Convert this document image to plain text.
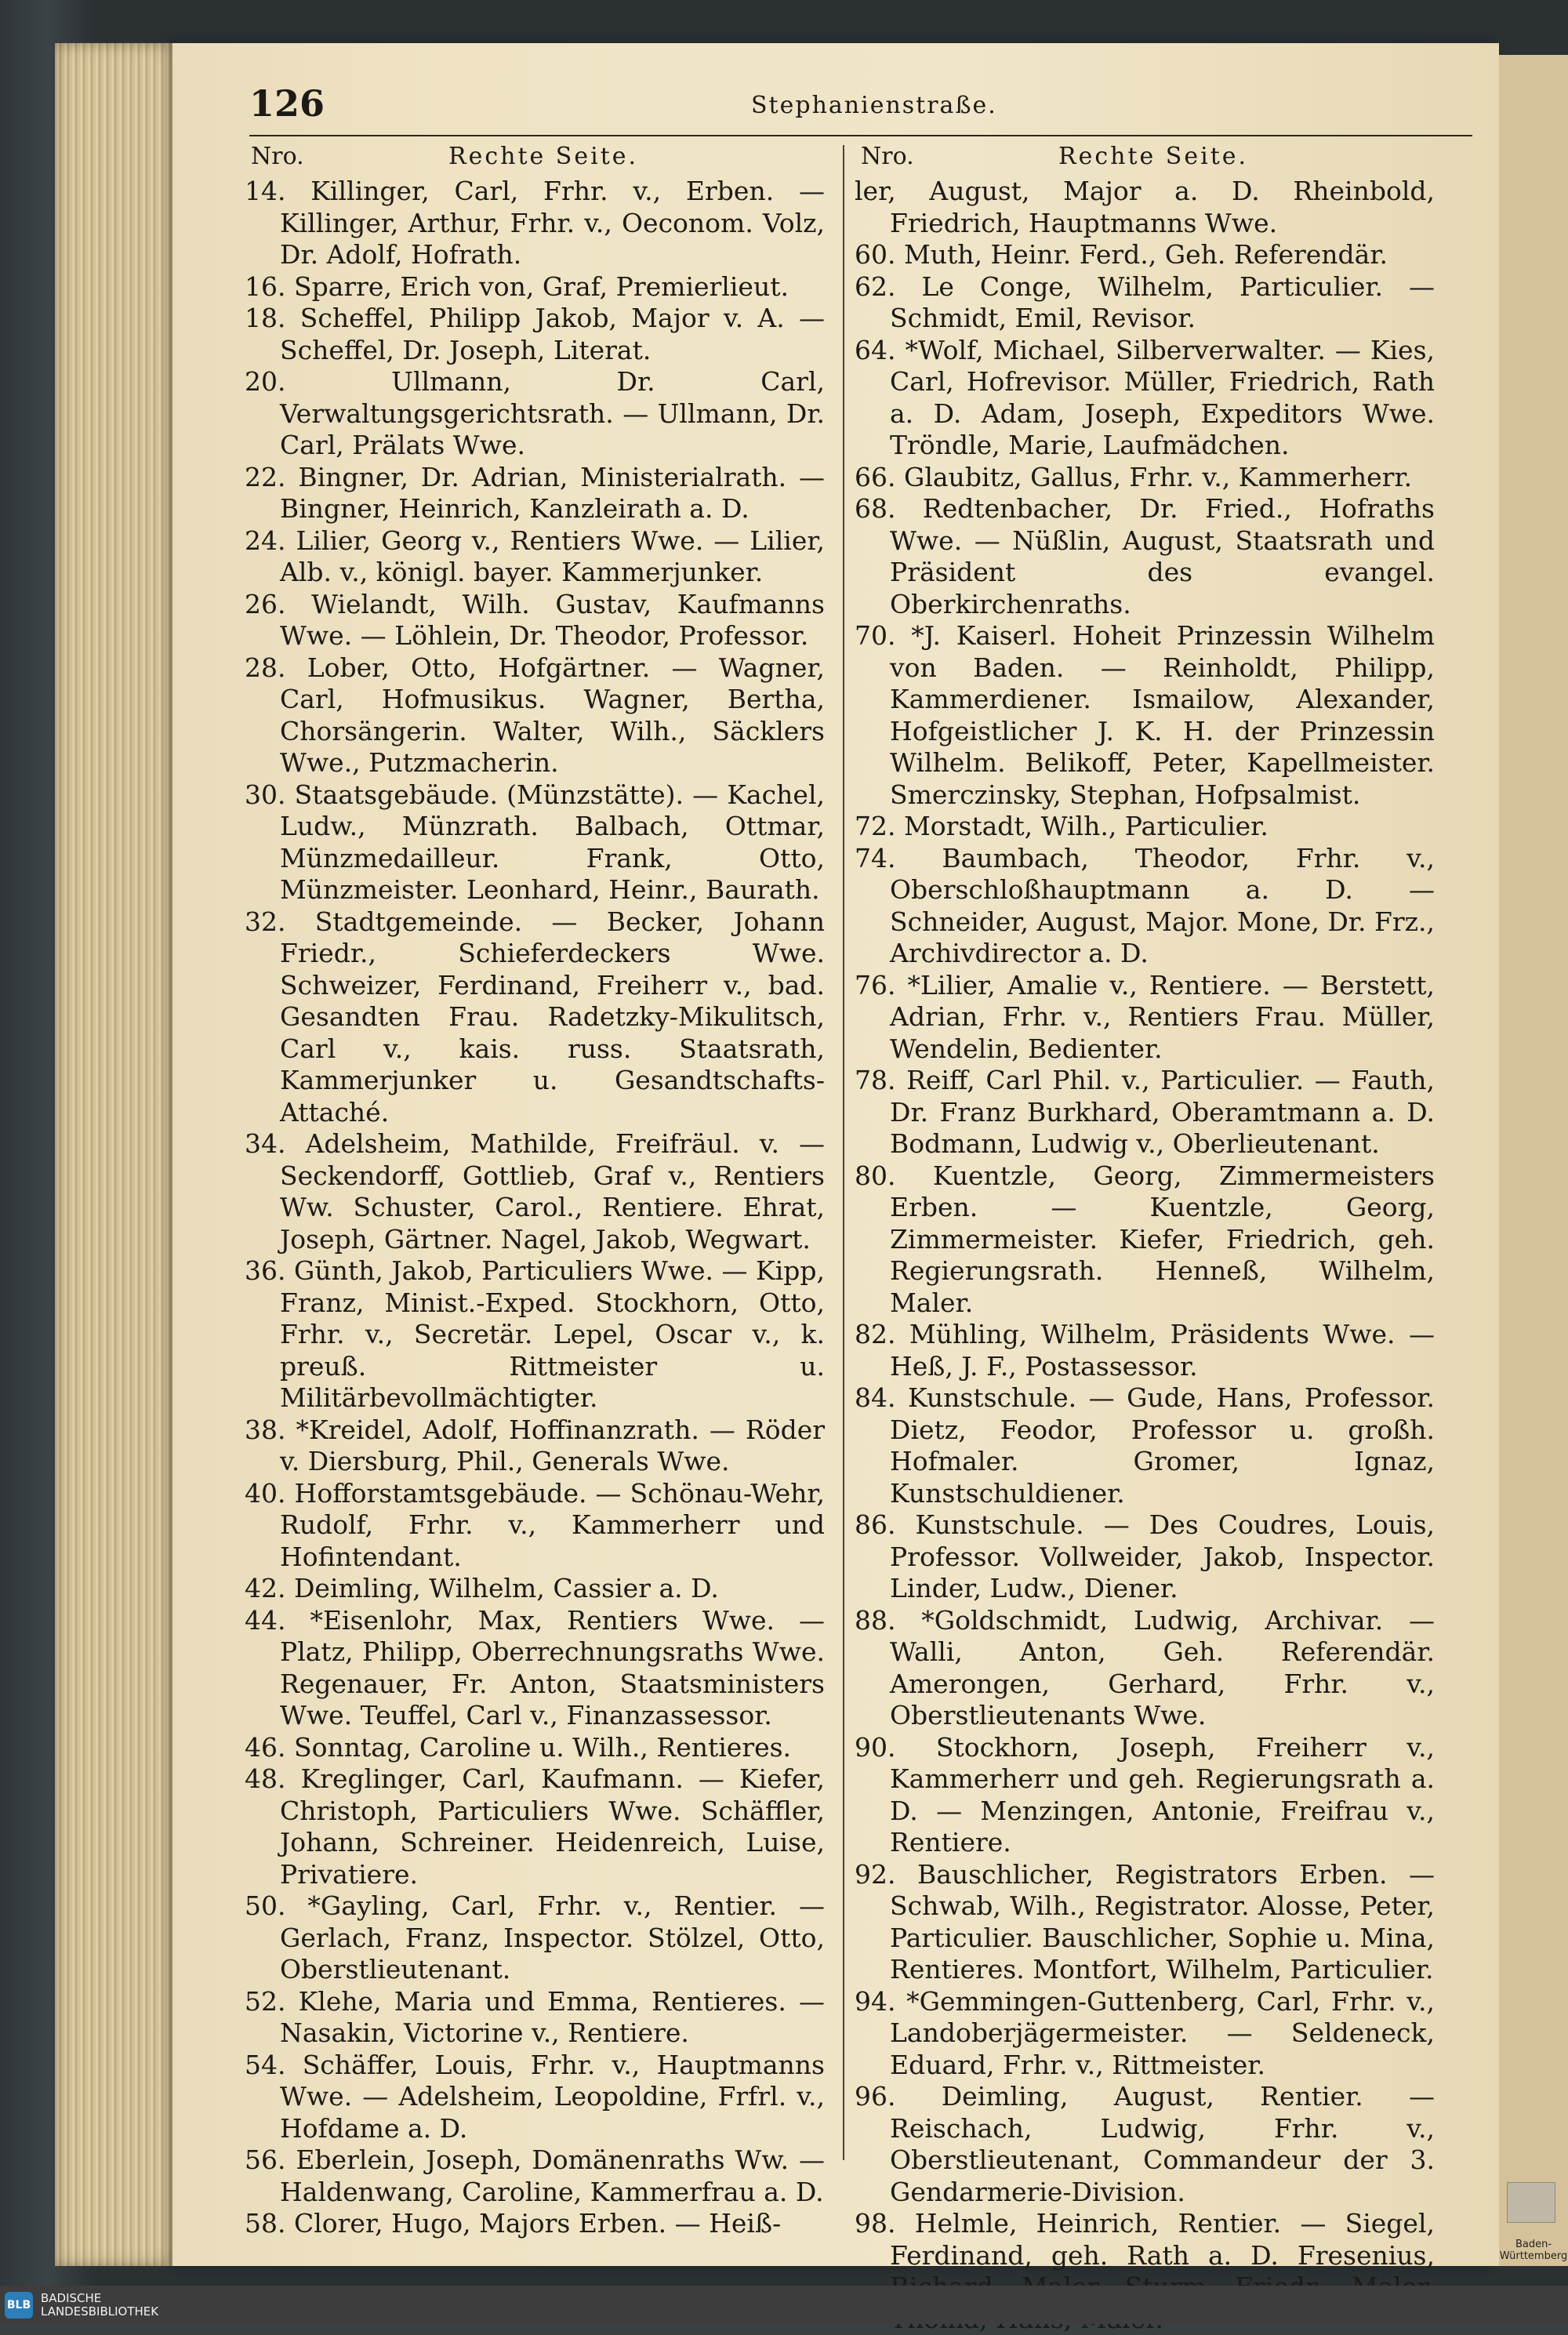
Baden-Württemberg
126	Stephanienstraße.
Nro.	Rechte Seite.
14. Killinger, Carl, Frhr. v., Erben. — Killinger, Arthur, Frhr. v., Oeconom. Volz, Dr. Adolf, Hofrath.
16. Sparre, Erich von, Graf, Premierlieut.
18. Scheffel, Philipp Jakob, Major v. A. — Scheffel, Dr. Joseph, Literat.
20. Ullmann, Dr. Carl, Verwaltungsgerichtsrath. — Ullmann, Dr. Carl, Prälats Wwe.
22. Bingner, Dr. Adrian, Ministerialrath. — Bingner, Heinrich, Kanzleirath a. D.
24. Lilier, Georg v., Rentiers Wwe. — Lilier, Alb. v., königl. bayer. Kammerjunker.
26. Wielandt, Wilh. Gustav, Kaufmanns Wwe. — Löhlein, Dr. Theodor, Professor.
28. Lober, Otto, Hofgärtner. — Wagner, Carl, Hofmusikus. Wagner, Bertha, Chorsängerin. Walter, Wilh., Säcklers Wwe., Putzmacherin.
30. Staatsgebäude. (Münzstätte). — Kachel, Ludw., Münzrath. Balbach, Ottmar, Münzmedailleur. Frank, Otto, Münzmeister. Leonhard, Heinr., Baurath.
32. Stadtgemeinde. — Becker, Johann Friedr., Schieferdeckers Wwe. Schweizer, Ferdinand, Freiherr v., bad. Gesandten Frau. Radetzky-Mikulitsch, Carl v., kais. russ. Staatsrath, Kammerjunker u. Gesandtschafts-Attaché.
34. Adelsheim, Mathilde, Freifräul. v. — Seckendorff, Gottlieb, Graf v., Rentiers Ww. Schuster, Carol., Rentiere. Ehrat, Joseph, Gärtner. Nagel, Jakob, Wegwart.
36. Günth, Jakob, Particuliers Wwe. — Kipp, Franz, Minist.-Exped. Stockhorn, Otto, Frhr. v., Secretär. Lepel, Oscar v., k. preuß. Rittmeister u. Militärbevollmächtigter.
38. *Kreidel, Adolf, Hoffinanzrath. — Röder v. Diersburg, Phil., Generals Wwe.
40. Hofforstamtsgebäude. — Schönau-Wehr, Rudolf, Frhr. v., Kammerherr und Hofintendant.
42. Deimling, Wilhelm, Cassier a. D.
44. *Eisenlohr, Max, Rentiers Wwe. — Platz, Philipp, Oberrechnungsraths Wwe. Regenauer, Fr. Anton, Staatsministers Wwe. Teuffel, Carl v., Finanzassessor.
46. Sonntag, Caroline u. Wilh., Rentieres.
48. Kreglinger, Carl, Kaufmann. — Kiefer, Christoph, Particuliers Wwe. Schäffler, Johann, Schreiner. Heidenreich, Luise, Privatiere.
50. *Gayling, Carl, Frhr. v., Rentier. — Gerlach, Franz, Inspector. Stölzel, Otto, Oberstlieutenant.
52. Klehe, Maria und Emma, Rentieres. — Nasakin, Victorine v., Rentiere.
54. Schäffer, Louis, Frhr. v., Hauptmanns Wwe. — Adelsheim, Leopoldine, Frfrl. v., Hofdame a. D.
56. Eberlein, Joseph, Domänenraths Ww. — Haldenwang, Caroline, Kammerfrau a. D.
58. Clorer, Hugo, Majors Erben. — Heiß-
Nro.	Rechte Seite.
ler, August, Major a. D. Rheinbold, Friedrich, Hauptmanns Wwe.
60. Muth, Heinr. Ferd., Geh. Referendär.
62. Le Conge, Wilhelm, Particulier. — Schmidt, Emil, Revisor.
64. *Wolf, Michael, Silberverwalter. — Kies, Carl, Hofrevisor. Müller, Friedrich, Rath a. D. Adam, Joseph, Expeditors Wwe. Tröndle, Marie, Laufmädchen.
66. Glaubitz, Gallus, Frhr. v., Kammerherr.
68. Redtenbacher, Dr. Fried., Hofraths Wwe. — Nüßlin, August, Staatsrath und Präsident des evangel. Oberkirchenraths.
70. *J. Kaiserl. Hoheit Prinzessin Wilhelm von Baden. — Reinholdt, Philipp, Kammerdiener. Ismailow, Alexander, Hofgeistlicher J. K. H. der Prinzessin Wilhelm. Belikoff, Peter, Kapellmeister. Smerczinsky, Stephan, Hofpsalmist.
72. Morstadt, Wilh., Particulier.
74. Baumbach, Theodor, Frhr. v., Oberschloßhauptmann a. D. — Schneider, August, Major. Mone, Dr. Frz., Archivdirector a. D.
76. *Lilier, Amalie v., Rentiere. — Berstett, Adrian, Frhr. v., Rentiers Frau. Müller, Wendelin, Bedienter.
78. Reiff, Carl Phil. v., Particulier. — Fauth, Dr. Franz Burkhard, Oberamtmann a. D. Bodmann, Ludwig v., Oberlieutenant.
80. Kuentzle, Georg, Zimmermeisters Erben. — Kuentzle, Georg, Zimmermeister. Kiefer, Friedrich, geh. Regierungsrath. Henneß, Wilhelm, Maler.
82. Mühling, Wilhelm, Präsidents Wwe. — Heß, J. F., Postassessor.
84. Kunstschule. — Gude, Hans, Professor. Dietz, Feodor, Professor u. großh. Hofmaler. Gromer, Ignaz, Kunstschuldiener.
86. Kunstschule. — Des Coudres, Louis, Professor. Vollweider, Jakob, Inspector. Linder, Ludw., Diener.
88. *Goldschmidt, Ludwig, Archivar. — Walli, Anton, Geh. Referendär. Amerongen, Gerhard, Frhr. v., Oberstlieutenants Wwe.
90. Stockhorn, Joseph, Freiherr v., Kammerherr und geh. Regierungsrath a. D. — Menzingen, Antonie, Freifrau v., Rentiere.
92. Bauschlicher, Registrators Erben. — Schwab, Wilh., Registrator. Alosse, Peter, Particulier. Bauschlicher, Sophie u. Mina, Rentieres. Montfort, Wilhelm, Particulier.
94. *Gemmingen-Guttenberg, Carl, Frhr. v., Landoberjägermeister. — Seldeneck, Eduard, Frhr. v., Rittmeister.
96. Deimling, August, Rentier. — Reischach, Ludwig, Frhr. v., Oberstlieutenant, Commandeur der 3. Gendarmerie-Division.
98. Helmle, Heinrich, Rentier. — Siegel, Ferdinand, geh. Rath a. D. Fresenius,
BLB BADISCHE
LANDESBIBLIOTHEK
